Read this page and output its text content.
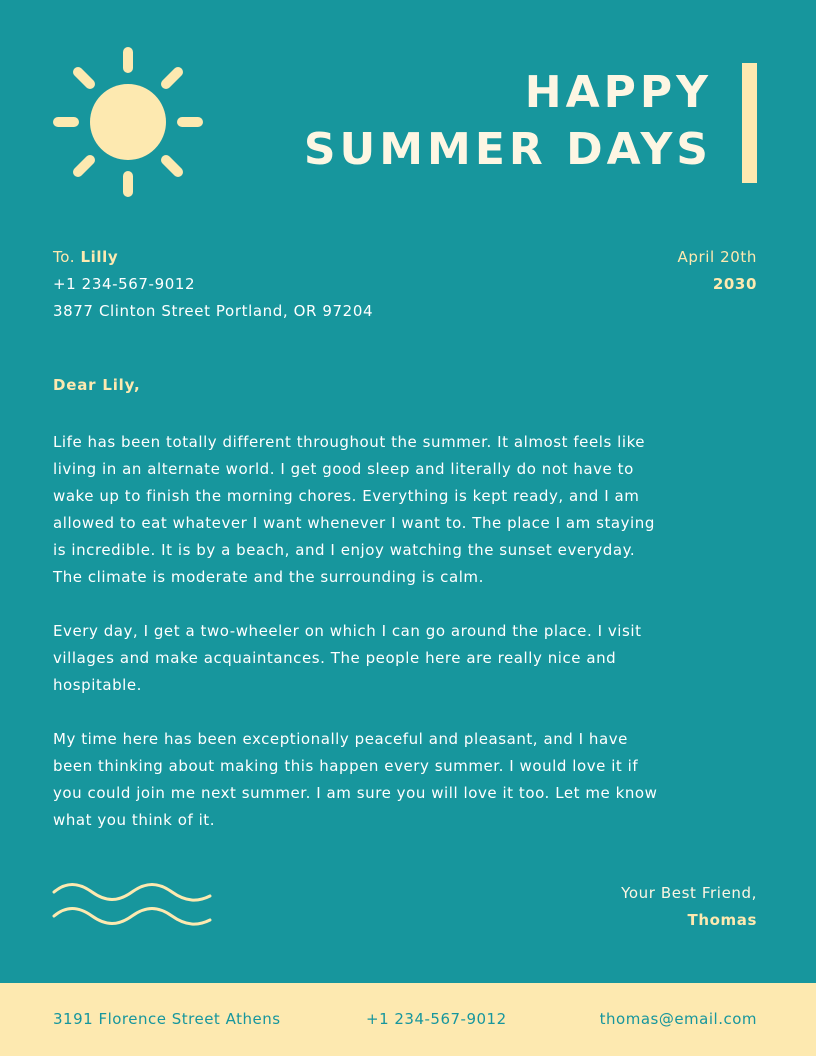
HAPPY
SUMMER DAYS
To. Lilly
+1 234-567-9012
3877 Clinton Street Portland, OR 97204
April 20th
2030
Dear Lily,

Life has been totally different throughout the summer. It almost feels like
living in an alternate world. I get good sleep and literally do not have to
wake up to finish the morning chores. Everything is kept ready, and I am
allowed to eat whatever I want whenever I want to. The place I am staying
is incredible. It is by a beach, and I enjoy watching the sunset everyday.
The climate is moderate and the surrounding is calm.

Every day, I get a two-wheeler on which I can go around the place. I visit
villages and make acquaintances. The people here are really nice and
hospitable.

My time here has been exceptionally peaceful and pleasant, and I have
been thinking about making this happen every summer. I would love it if
you could join me next summer. I am sure you will love it too. Let me know
what you think of it.

Your Best Friend,
Thomas
3191 Florence Street Athens	+1 234-567-9012	thomas@email.com
